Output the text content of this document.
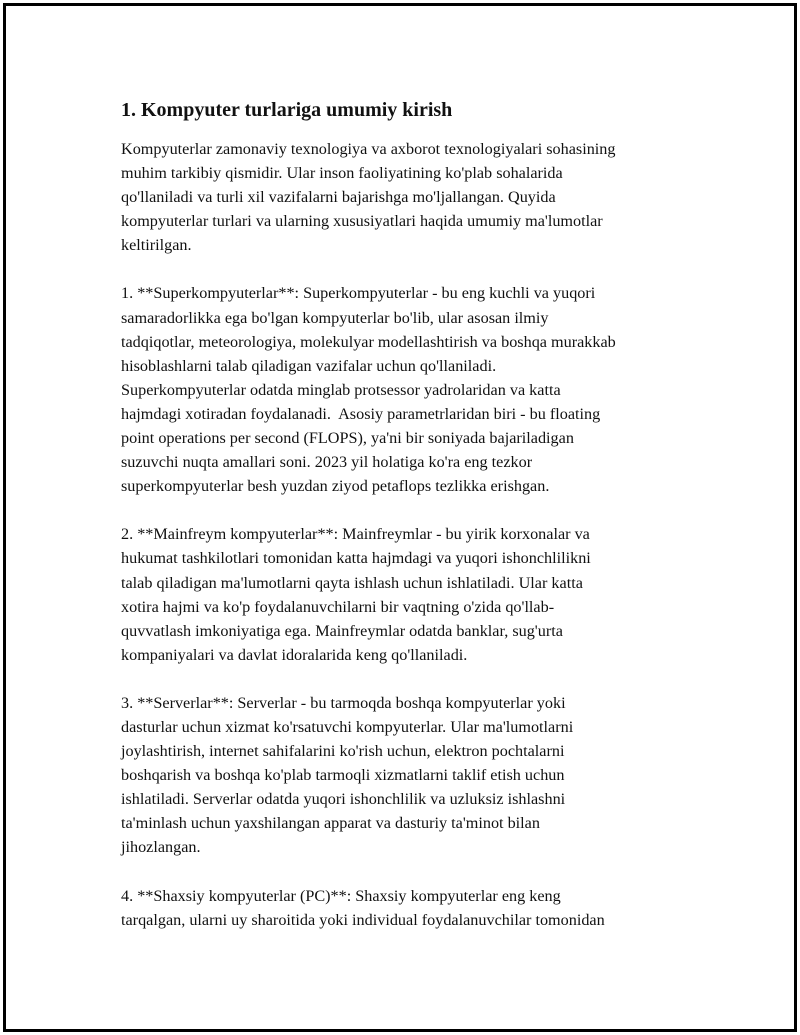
1. Kompyuter turlariga umumiy kirish

Kompyuterlar zamonaviy texnologiya va axborot texnologiyalari sohasining
muhim tarkibiy qismidir. Ular inson faoliyatining ko'plab sohalarida
qo'llaniladi va turli xil vazifalarni bajarishga mo'ljallangan. Quyida
kompyuterlar turlari va ularning xususiyatlari haqida umumiy ma'lumotlar
keltirilgan.

1. **Superkompyuterlar**: Superkompyuterlar - bu eng kuchli va yuqori
samaradorlikka ega bo'lgan kompyuterlar bo'lib, ular asosan ilmiy
tadqiqotlar, meteorologiya, molekulyar modellashtirish va boshqa murakkab
hisoblashlarni talab qiladigan vazifalar uchun qo'llaniladi.
Superkompyuterlar odatda minglab protsessor yadrolaridan va katta
hajmdagi xotiradan foydalanadi.  Asosiy parametrlaridan biri - bu floating
point operations per second (FLOPS), ya'ni bir soniyada bajariladigan
suzuvchi nuqta amallari soni. 2023 yil holatiga ko'ra eng tezkor
superkompyuterlar besh yuzdan ziyod petaflops tezlikka erishgan.

2. **Mainfreym kompyuterlar**: Mainfreymlar - bu yirik korxonalar va
hukumat tashkilotlari tomonidan katta hajmdagi va yuqori ishonchlilikni
talab qiladigan ma'lumotlarni qayta ishlash uchun ishlatiladi. Ular katta
xotira hajmi va ko'p foydalanuvchilarni bir vaqtning o'zida qo'llab-
quvvatlash imkoniyatiga ega. Mainfreymlar odatda banklar, sug'urta
kompaniyalari va davlat idoralarida keng qo'llaniladi.

3. **Serverlar**: Serverlar - bu tarmoqda boshqa kompyuterlar yoki
dasturlar uchun xizmat ko'rsatuvchi kompyuterlar. Ular ma'lumotlarni
joylashtirish, internet sahifalarini ko'rish uchun, elektron pochtalarni
boshqarish va boshqa ko'plab tarmoqli xizmatlarni taklif etish uchun
ishlatiladi. Serverlar odatda yuqori ishonchlilik va uzluksiz ishlashni
ta'minlash uchun yaxshilangan apparat va dasturiy ta'minot bilan
jihozlangan.

4. **Shaxsiy kompyuterlar (PC)**: Shaxsiy kompyuterlar eng keng
tarqalgan, ularni uy sharoitida yoki individual foydalanuvchilar tomonidan
